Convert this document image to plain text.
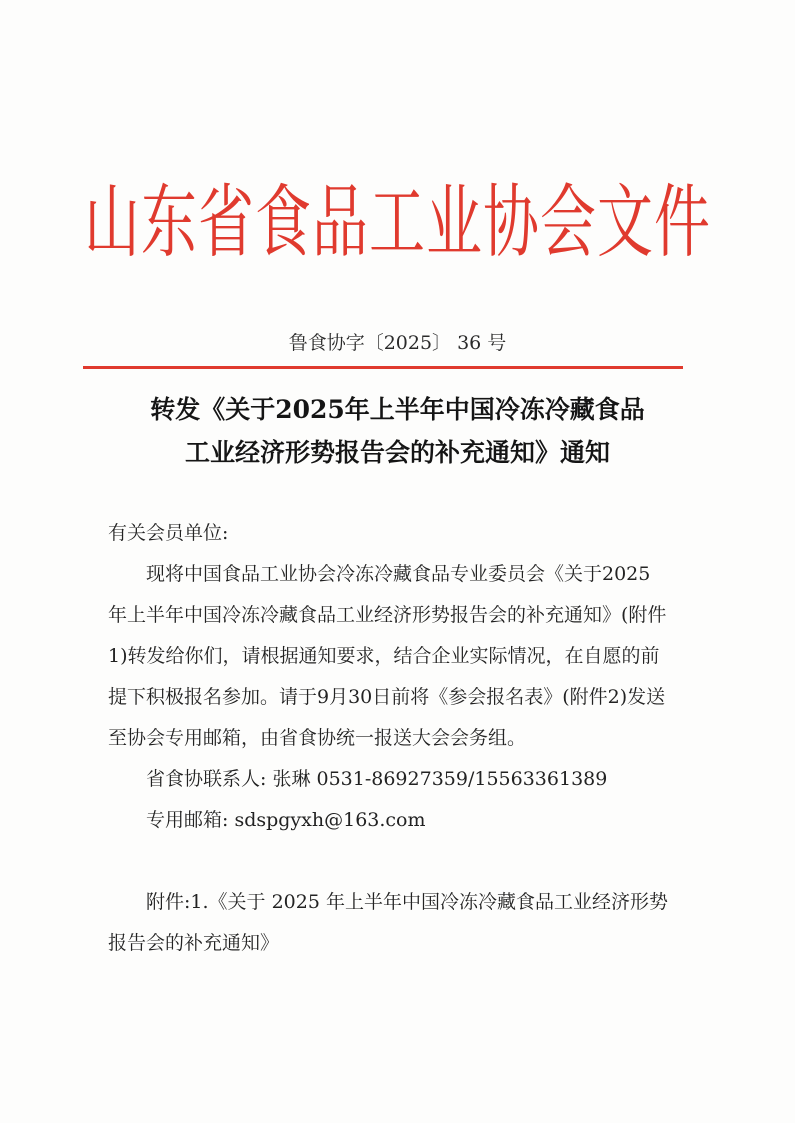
山东省食品工业协会文件
鲁食协字〔2025〕 36 号
转发《关于2025年上半年中国冷冻冷藏食品
工业经济形势报告会的补充通知》通知

有关会员单位:

现将中国食品工业协会冷冻冷藏食品专业委员会《关于2025年上半年中国冷冻冷藏食品工业经济形势报告会的补充通知》(附件1)转发给你们，请根据通知要求，结合企业实际情况，在自愿的前提下积极报名参加。请于9月30日前将《参会报名表》(附件2)发送至协会专用邮箱，由省食协统一报送大会会务组。

省食协联系人: 张琳 0531-86927359/15563361389

专用邮箱: sdspgyxh@163.com

附件:1.《关于 2025 年上半年中国冷冻冷藏食品工业经济形势报告会的补充通知》
